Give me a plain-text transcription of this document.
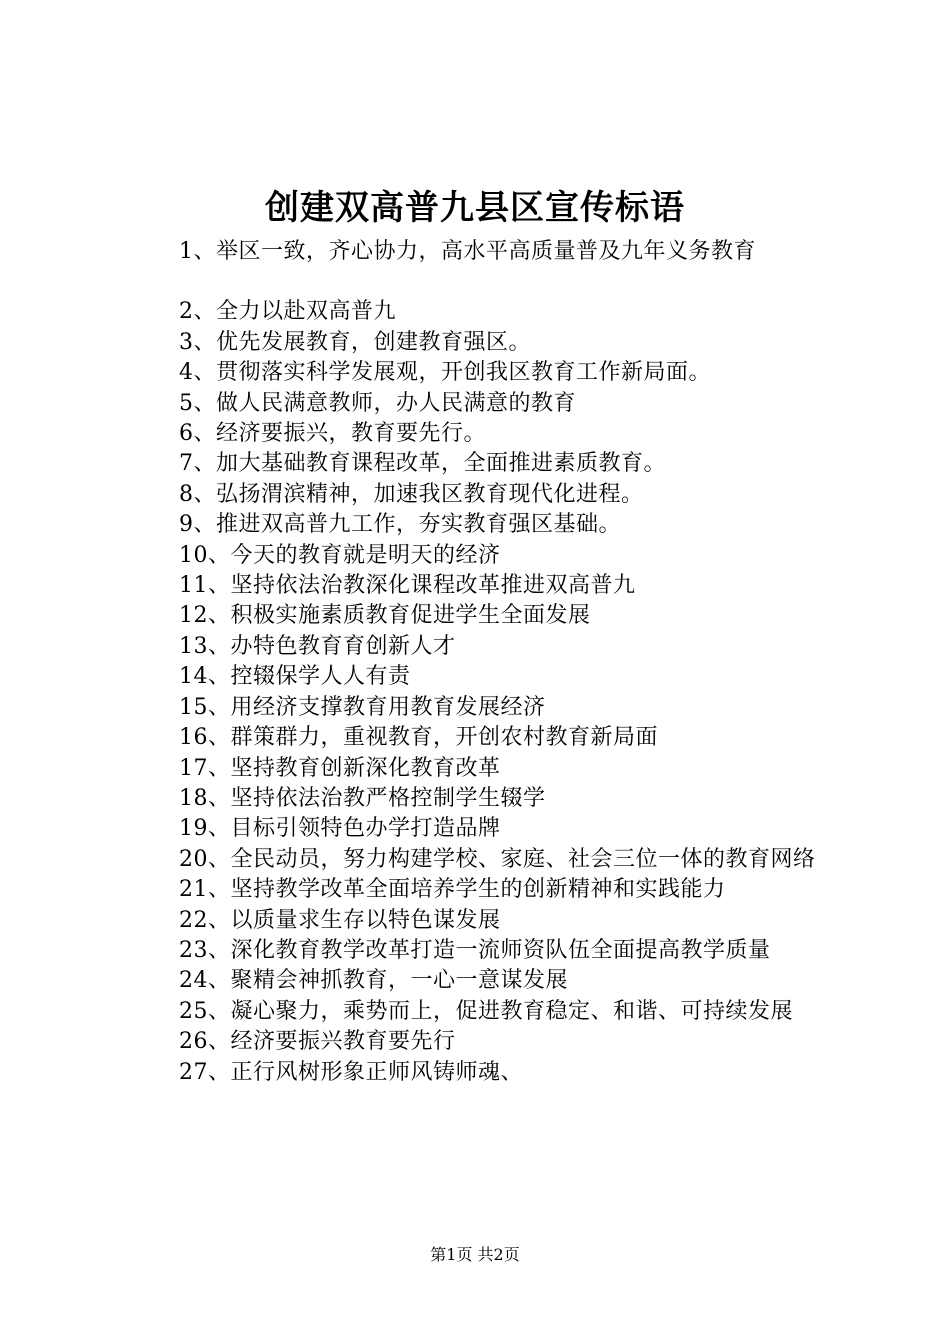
创建双高普九县区宣传标语
1、举区一致，齐心协力，高水平高质量普及九年义务教育
2、全力以赴双高普九
3、优先发展教育，创建教育强区。
4、贯彻落实科学发展观，开创我区教育工作新局面。
5、做人民满意教师，办人民满意的教育
6、经济要振兴，教育要先行。
7、加大基础教育课程改革，全面推进素质教育。
8、弘扬渭滨精神，加速我区教育现代化进程。
9、推进双高普九工作，夯实教育强区基础。
10、今天的教育就是明天的经济
11、坚持依法治教深化课程改革推进双高普九
12、积极实施素质教育促进学生全面发展
13、办特色教育育创新人才
14、控辍保学人人有责
15、用经济支撑教育用教育发展经济
16、群策群力，重视教育，开创农村教育新局面
17、坚持教育创新深化教育改革
18、坚持依法治教严格控制学生辍学
19、目标引领特色办学打造品牌
20、全民动员，努力构建学校、家庭、社会三位一体的教育网络
21、坚持教学改革全面培养学生的创新精神和实践能力
22、以质量求生存以特色谋发展
23、深化教育教学改革打造一流师资队伍全面提高教学质量
24、聚精会神抓教育，一心一意谋发展
25、凝心聚力，乘势而上，促进教育稳定、和谐、可持续发展
26、经济要振兴教育要先行
27、正行风树形象正师风铸师魂、
第1页 共2页
